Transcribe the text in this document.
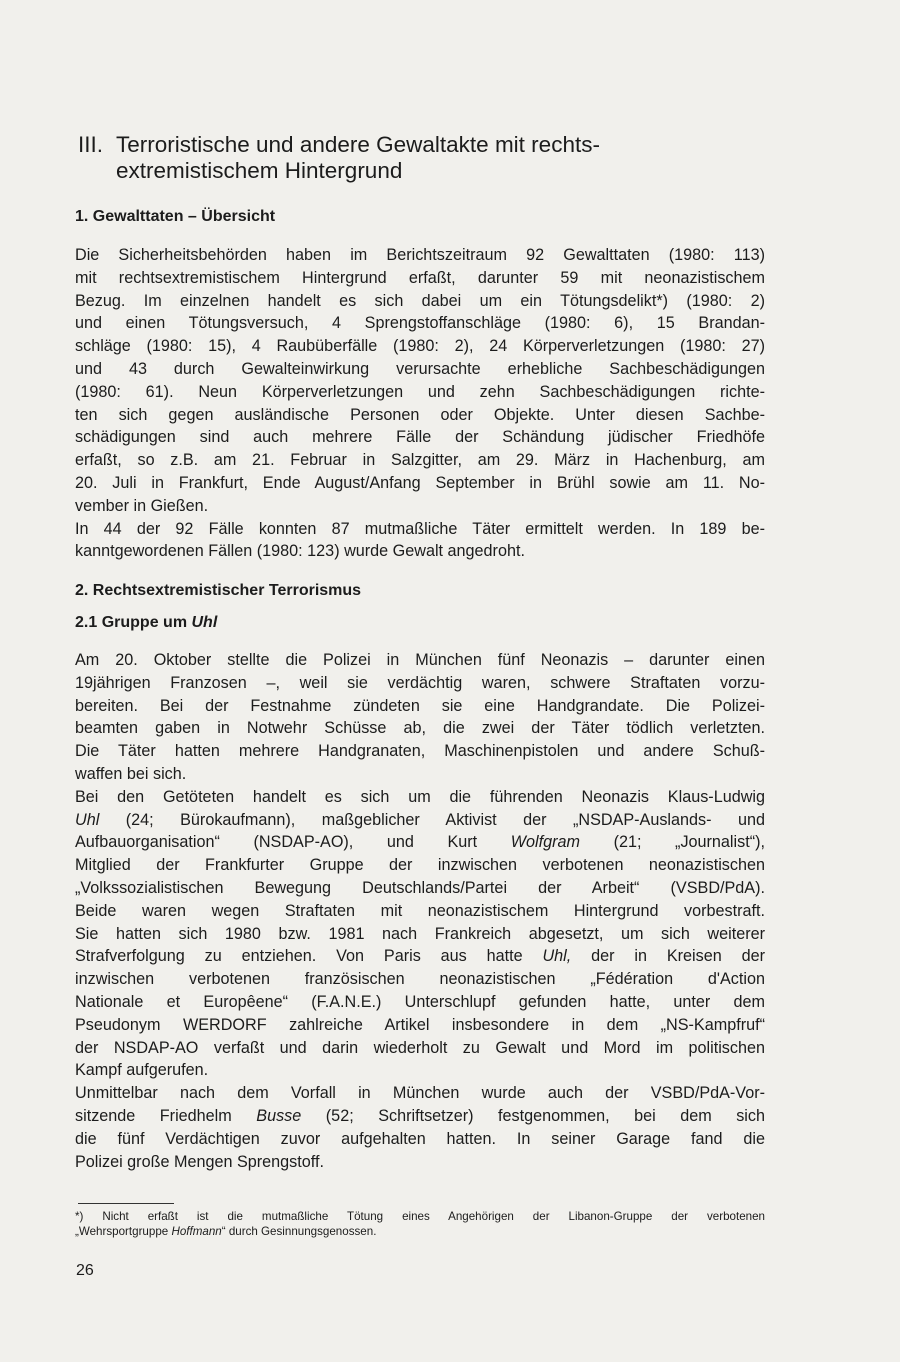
III. Terroristische und andere Gewaltakte mit rechts-
extremistischem Hintergrund
1. Gewalttaten – Übersicht

Die Sicherheitsbehörden haben im Berichtszeitraum 92 Gewalttaten (1980: 113)

mit rechtsextremistischem Hintergrund erfaßt, darunter 59 mit neonazistischem

Bezug. Im einzelnen handelt es sich dabei um ein Tötungsdelikt*) (1980: 2)

und einen Tötungsversuch, 4 Sprengstoffanschläge (1980: 6), 15 Brandan-

schläge (1980: 15), 4 Raubüberfälle (1980: 2), 24 Körperverletzungen (1980: 27)

und 43 durch Gewalteinwirkung verursachte erhebliche Sachbeschädigungen

(1980: 61). Neun Körperverletzungen und zehn Sachbeschädigungen richte-

ten sich gegen ausländische Personen oder Objekte. Unter diesen Sachbe-

schädigungen sind auch mehrere Fälle der Schändung jüdischer Friedhöfe

erfaßt, so z.B. am 21. Februar in Salzgitter, am 29. März in Hachenburg, am

20. Juli in Frankfurt, Ende August/Anfang September in Brühl sowie am 11. No-

vember in Gießen.

In 44 der 92 Fälle konnten 87 mutmaßliche Täter ermittelt werden. In 189 be-

kanntgewordenen Fällen (1980: 123) wurde Gewalt angedroht.

2. Rechtsextremistischer Terrorismus
2.1 Gruppe um Uhl

Am 20. Oktober stellte die Polizei in München fünf Neonazis – darunter einen

19jährigen Franzosen –, weil sie verdächtig waren, schwere Straftaten vorzu-

bereiten. Bei der Festnahme zündeten sie eine Handgrandate. Die Polizei-

beamten gaben in Notwehr Schüsse ab, die zwei der Täter tödlich verletzten.

Die Täter hatten mehrere Handgranaten, Maschinenpistolen und andere Schuß-

waffen bei sich.

Bei den Getöteten handelt es sich um die führenden Neonazis Klaus-Ludwig

Uhl (24; Bürokaufmann), maßgeblicher Aktivist der „NSDAP-Auslands- und

Aufbauorganisation“ (NSDAP-AO), und Kurt Wolfgram (21; „Journalist“),

Mitglied der Frankfurter Gruppe der inzwischen verbotenen neonazistischen

„Volkssozialistischen Bewegung Deutschlands/Partei der Arbeit“ (VSBD/PdA).

Beide waren wegen Straftaten mit neonazistischem Hintergrund vorbestraft.

Sie hatten sich 1980 bzw. 1981 nach Frankreich abgesetzt, um sich weiterer

Strafverfolgung zu entziehen. Von Paris aus hatte Uhl, der in Kreisen der

inzwischen verbotenen französischen neonazistischen „Fédération d'Action

Nationale et Europêene“ (F.A.N.E.) Unterschlupf gefunden hatte, unter dem

Pseudonym WERDORF zahlreiche Artikel insbesondere in dem „NS-Kampfruf“

der NSDAP-AO verfaßt und darin wiederholt zu Gewalt und Mord im politischen

Kampf aufgerufen.

Unmittelbar nach dem Vorfall in München wurde auch der VSBD/PdA-Vor-

sitzende Friedhelm Busse (52; Schriftsetzer) festgenommen, bei dem sich

die fünf Verdächtigen zuvor aufgehalten hatten. In seiner Garage fand die

Polizei große Mengen Sprengstoff.

*) Nicht erfaßt ist die mutmaßliche Tötung eines Angehörigen der Libanon-Gruppe der verbotenen
„Wehrsportgruppe Hoffmann“ durch Gesinnungsgenossen.

26
